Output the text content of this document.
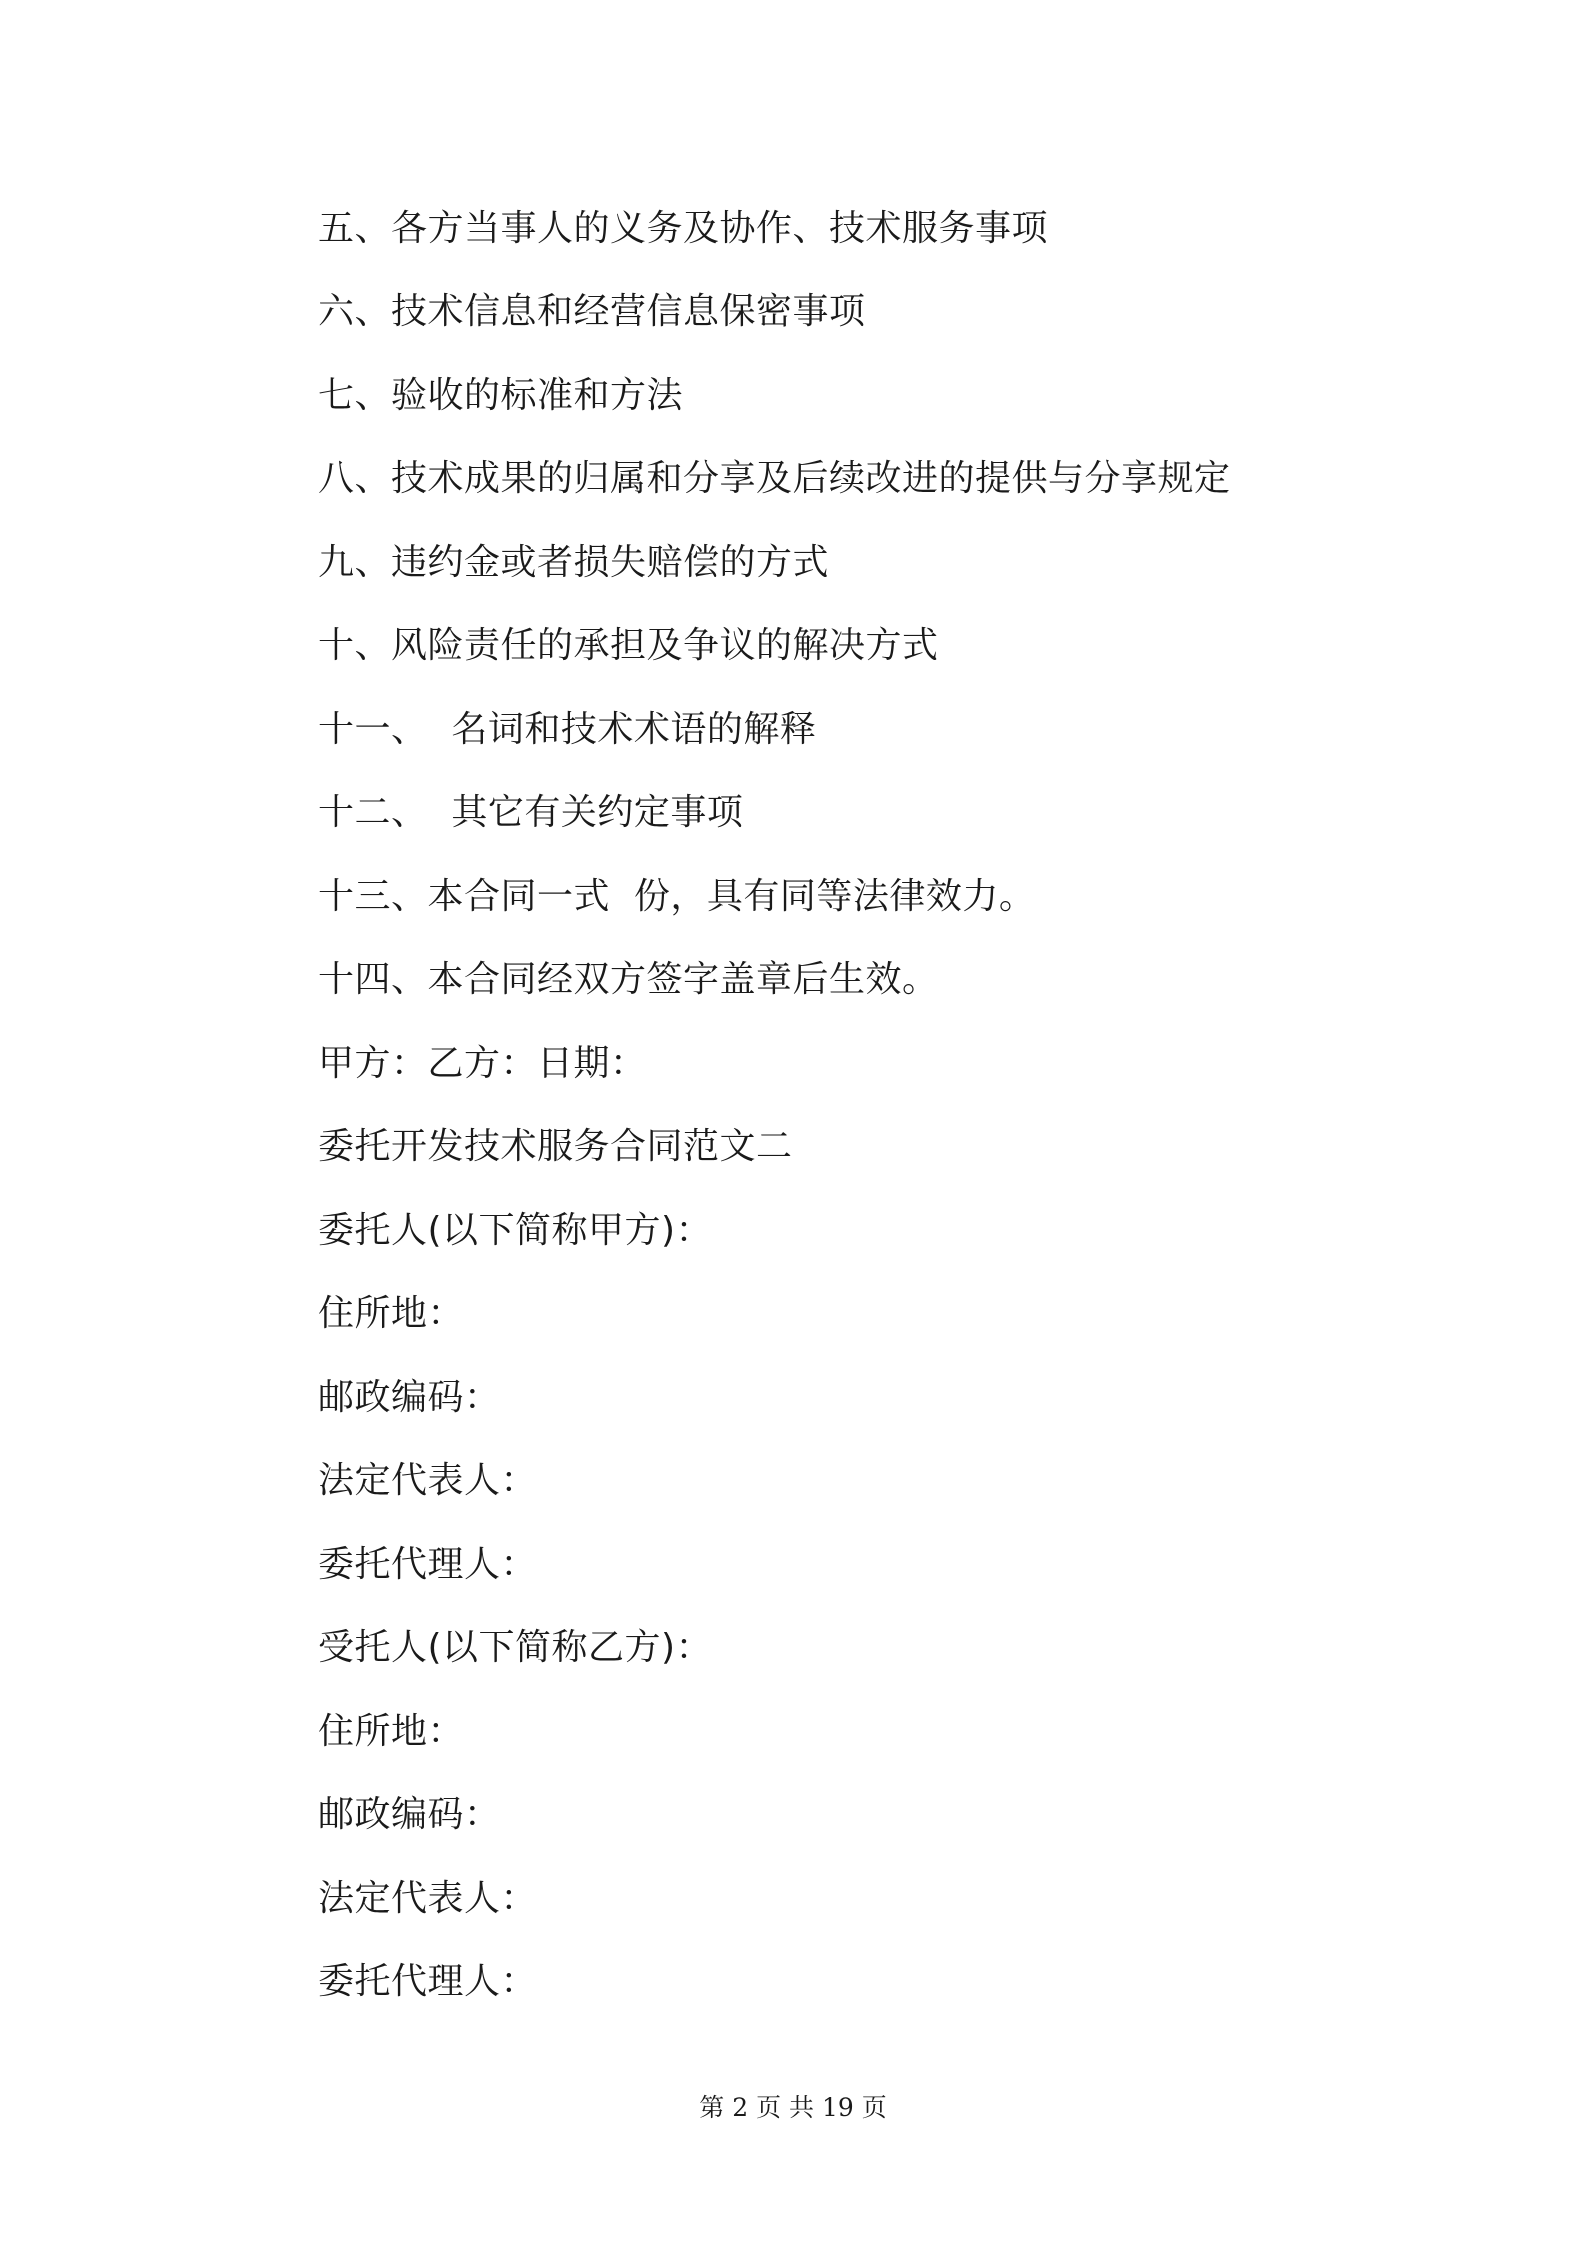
五、各方当事人的义务及协作、技术服务事项
六、技术信息和经营信息保密事项
七、验收的标准和方法
八、技术成果的归属和分享及后续改进的提供与分享规定
九、违约金或者损失赔偿的方式
十、风险责任的承担及争议的解决方式
十一、  名词和技术术语的解释
十二、  其它有关约定事项
十三、本合同一式  份，具有同等法律效力。
十四、本合同经双方签字盖章后生效。
甲方：乙方：日期：
委托开发技术服务合同范文二
委托人(以下简称甲方)：
住所地：
邮政编码：
法定代表人：
委托代理人：
受托人(以下简称乙方)：
住所地：
邮政编码：
法定代表人：
委托代理人：
第 2 页 共 19 页
